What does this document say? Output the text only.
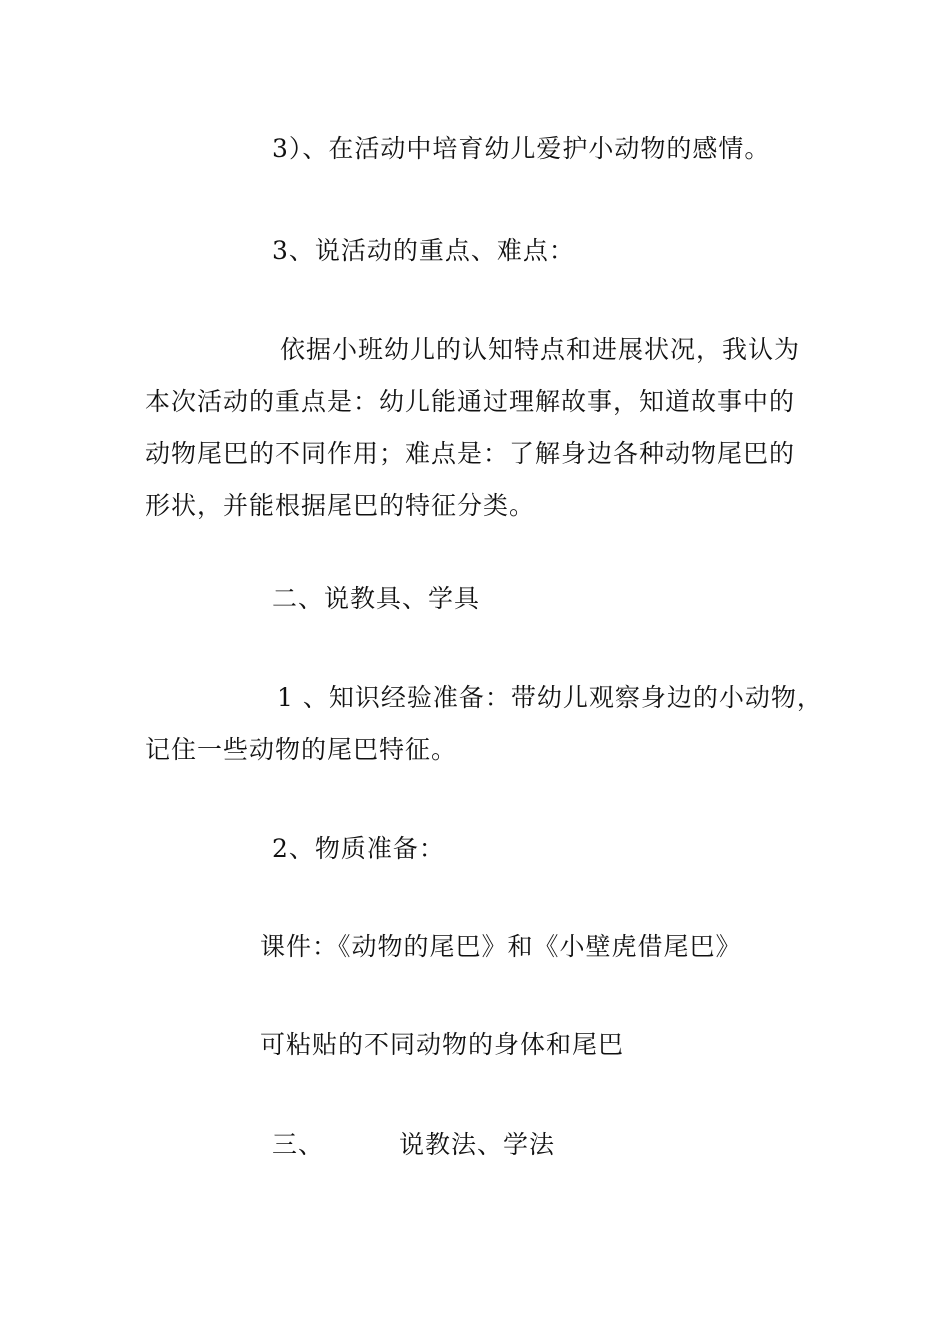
3）、在活动中培育幼儿爱护小动物的感情。
3、说活动的重点、难点：
依据小班幼儿的认知特点和进展状况，我认为
本次活动的重点是：幼儿能通过理解故事，知道故事中的
动物尾巴的不同作用；难点是：了解身边各种动物尾巴的
形状，并能根据尾巴的特征分类。
二、说教具、学具
1 、知识经验准备：带幼儿观察身边的小动物，
记住一些动物的尾巴特征。
2、物质准备：
课件：《动物的尾巴》和《小壁虎借尾巴》
可粘贴的不同动物的身体和尾巴
三、	说教法、学法
